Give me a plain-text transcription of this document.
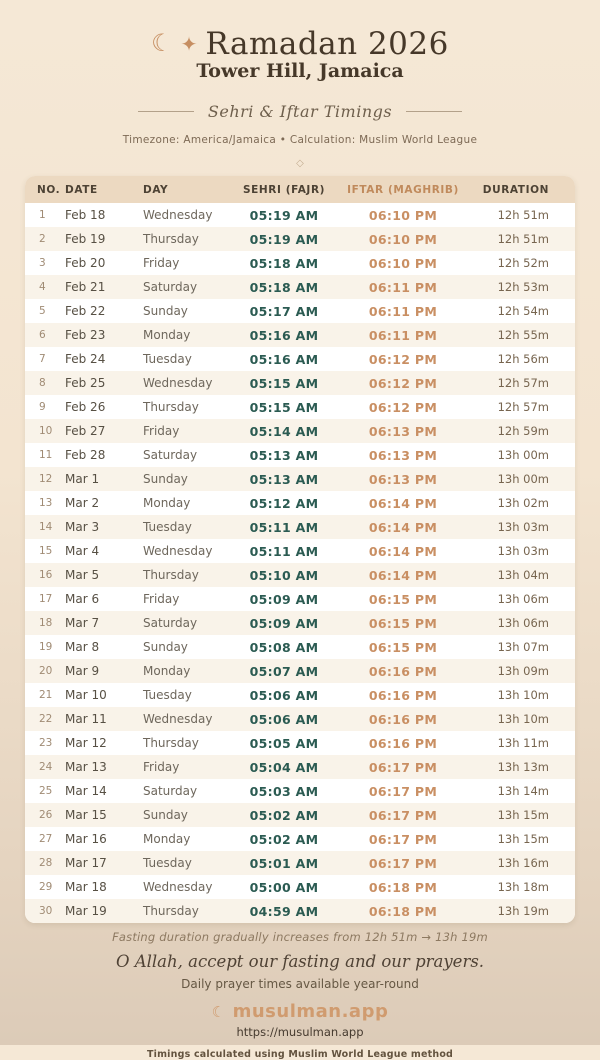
☾ ✦ Ramadan 2026
Tower Hill, Jamaica
Sehri & Iftar Timings
Timezone: America/Jamaica • Calculation: Muslim World League
◇
NO. DATE	DAY	SEHRI (FAJR)	IFTAR (MAGHRIB)	DURATION
1	Feb 18	Wednesday	05:19 AM	06:10 PM	12h 51m
2	Feb 19	Thursday	05:19 AM	06:10 PM	12h 51m
3	Feb 20	Friday	05:18 AM	06:10 PM	12h 52m
4	Feb 21	Saturday	05:18 AM	06:11 PM	12h 53m
5	Feb 22	Sunday	05:17 AM	06:11 PM	12h 54m
6	Feb 23	Monday	05:16 AM	06:11 PM	12h 55m
7	Feb 24	Tuesday	05:16 AM	06:12 PM	12h 56m
8	Feb 25	Wednesday	05:15 AM	06:12 PM	12h 57m
9	Feb 26	Thursday	05:15 AM	06:12 PM	12h 57m
10	Feb 27	Friday	05:14 AM	06:13 PM	12h 59m
11	Feb 28	Saturday	05:13 AM	06:13 PM	13h 00m
12	Mar 1	Sunday	05:13 AM	06:13 PM	13h 00m
13	Mar 2	Monday	05:12 AM	06:14 PM	13h 02m
14	Mar 3	Tuesday	05:11 AM	06:14 PM	13h 03m
15	Mar 4	Wednesday	05:11 AM	06:14 PM	13h 03m
16	Mar 5	Thursday	05:10 AM	06:14 PM	13h 04m
17	Mar 6	Friday	05:09 AM	06:15 PM	13h 06m
18	Mar 7	Saturday	05:09 AM	06:15 PM	13h 06m
19	Mar 8	Sunday	05:08 AM	06:15 PM	13h 07m
20	Mar 9	Monday	05:07 AM	06:16 PM	13h 09m
21	Mar 10	Tuesday	05:06 AM	06:16 PM	13h 10m
22	Mar 11	Wednesday	05:06 AM	06:16 PM	13h 10m
23	Mar 12	Thursday	05:05 AM	06:16 PM	13h 11m
24	Mar 13	Friday	05:04 AM	06:17 PM	13h 13m
25	Mar 14	Saturday	05:03 AM	06:17 PM	13h 14m
26	Mar 15	Sunday	05:02 AM	06:17 PM	13h 15m
27	Mar 16	Monday	05:02 AM	06:17 PM	13h 15m
28	Mar 17	Tuesday	05:01 AM	06:17 PM	13h 16m
29	Mar 18	Wednesday	05:00 AM	06:18 PM	13h 18m
30	Mar 19	Thursday	04:59 AM	06:18 PM	13h 19m
Fasting duration gradually increases from 12h 51m → 13h 19m
O Allah, accept our fasting and our prayers.
Daily prayer times available year-round
☾ musulman.app
https://musulman.app
Timings calculated using Muslim World League method
